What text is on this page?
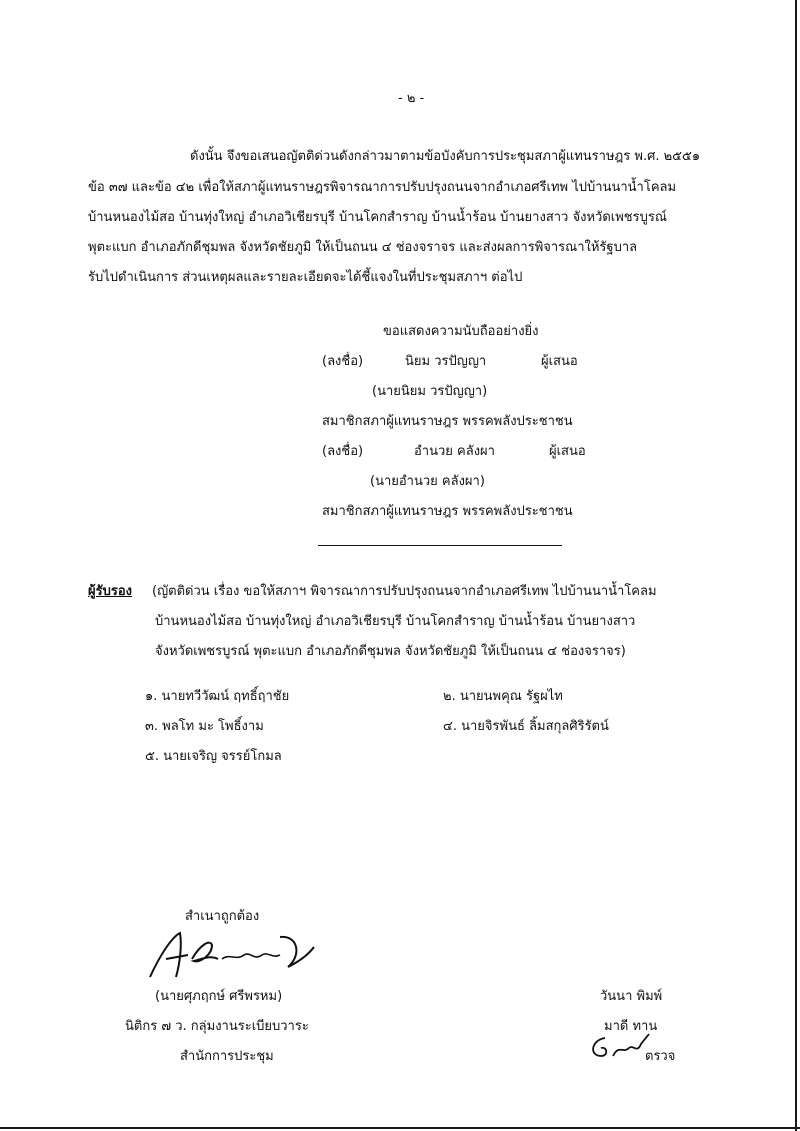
- ๒ -
ดังนั้น จึงขอเสนอญัตติด่วนดังกล่าวมาตามข้อบังคับการประชุมสภาผู้แทนราษฎร พ.ศ. ๒๕๕๑
ข้อ ๓๗ และข้อ ๔๒ เพื่อให้สภาผู้แทนราษฎรพิจารณาการปรับปรุงถนนจากอำเภอศรีเทพ ไปบ้านนาน้ำโคลม
บ้านหนองไม้สอ บ้านทุ่งใหญ่ อำเภอวิเชียรบุรี บ้านโคกสำราญ บ้านน้ำร้อน บ้านยางสาว จังหวัดเพชรบูรณ์
พุตะแบก อำเภอภักดีชุมพล จังหวัดชัยภูมิ ให้เป็นถนน ๔ ช่องจราจร และส่งผลการพิจารณาให้รัฐบาล
รับไปดำเนินการ ส่วนเหตุผลและรายละเอียดจะได้ชี้แจงในที่ประชุมสภาฯ ต่อไป
ขอแสดงความนับถืออย่างยิ่ง
(ลงชื่อ)	นิยม วรปัญญา	ผู้เสนอ
(นายนิยม วรปัญญา)
สมาชิกสภาผู้แทนราษฎร พรรคพลังประชาชน
(ลงชื่อ)	อำนวย คลังผา	ผู้เสนอ
(นายอำนวย คลังผา)
สมาชิกสภาผู้แทนราษฎร พรรคพลังประชาชน
ผู้รับรอง (ญัตติด่วน เรื่อง ขอให้สภาฯ พิจารณาการปรับปรุงถนนจากอำเภอศรีเทพ ไปบ้านนาน้ำโคลม
บ้านหนองไม้สอ บ้านทุ่งใหญ่ อำเภอวิเชียรบุรี บ้านโคกสำราญ บ้านน้ำร้อน บ้านยางสาว
จังหวัดเพชรบูรณ์ พุตะแบก อำเภอภักดีชุมพล จังหวัดชัยภูมิ ให้เป็นถนน ๔ ช่องจราจร)
๑. นายทวีวัฒน์ ฤทธิ์ฤาชัย	๒. นายนพคุณ รัฐผไท
๓. พลโท มะ โพธิ์งาม	๔. นายจิรพันธ์ ลิ้มสกุลศิริรัตน์
๕. นายเจริญ จรรย์โกมล
สำเนาถูกต้อง
(นายศุภฤกษ์ ศรีพรหม)
นิติกร ๗ ว. กลุ่มงานระเบียบวาระ
สำนักการประชุม
วันนา พิมพ์
มาดี ทาน
ตรวจ
